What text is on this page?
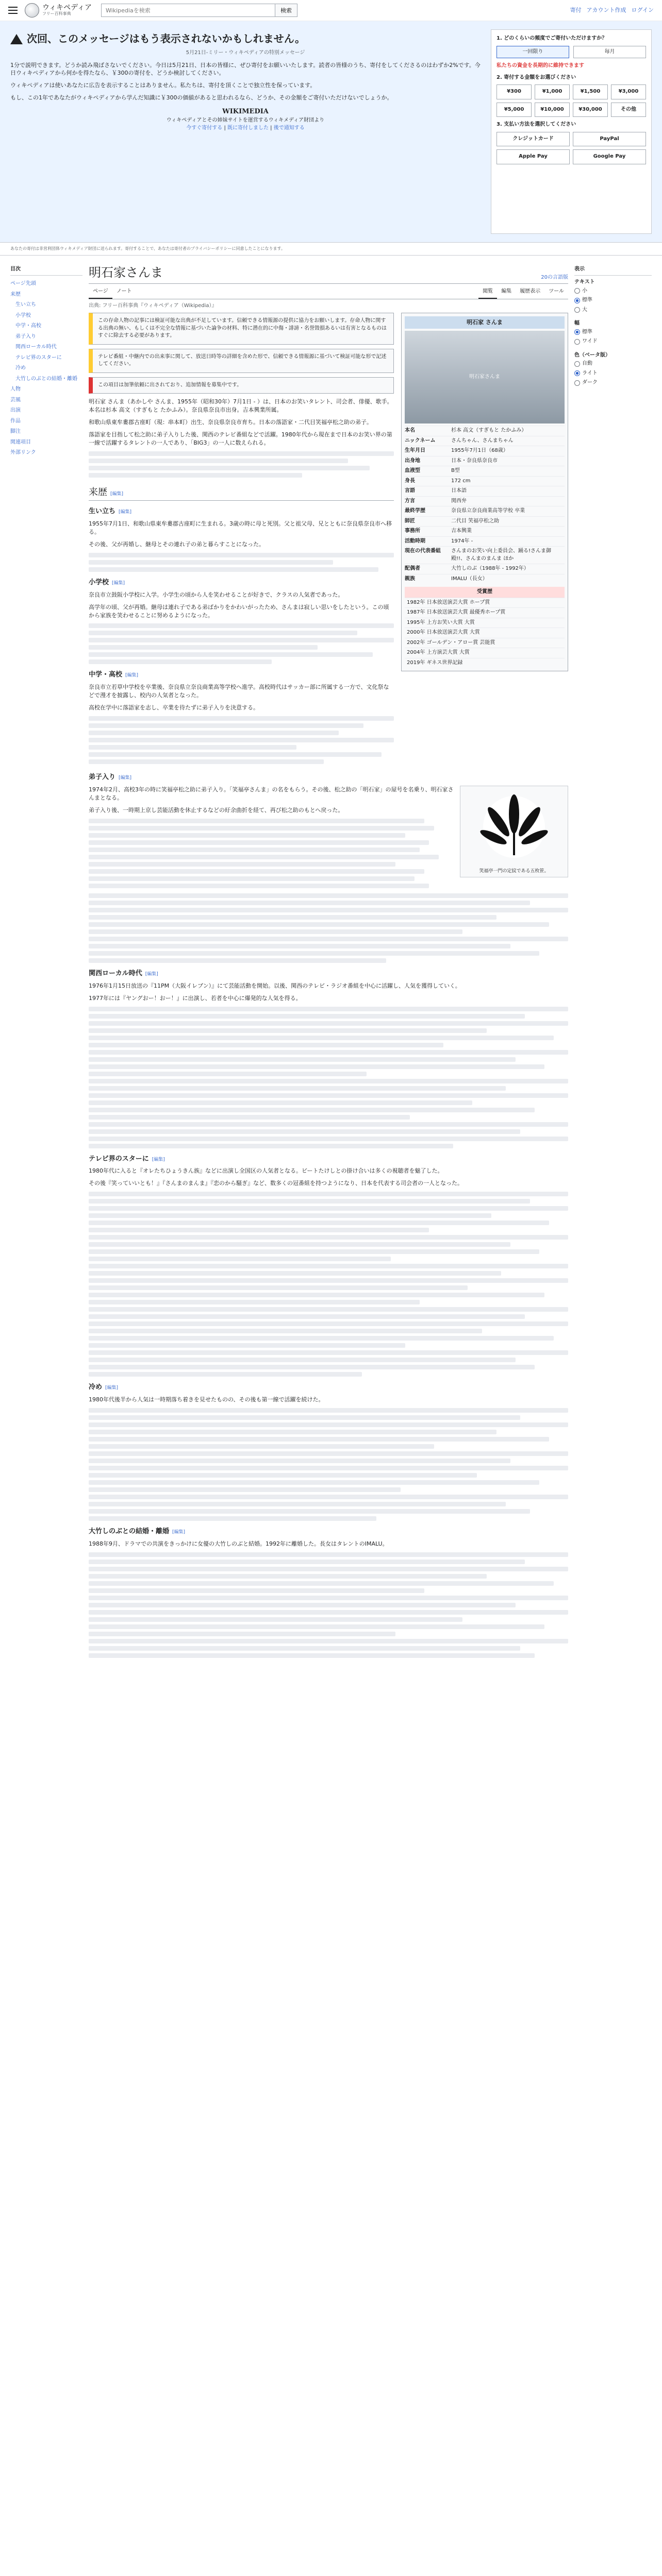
ウィキペディア
フリー百科事典
Wikipediaを検索	検索	寄付 アカウント作成 ログイン
次回、このメッセージはもう表示されないかもしれません。
5月21日-ミリー・ウィキペディアの特別メッセージ

1分で説明できます。どうか読み飛ばさないでください。今日は5月21日、日本の皆様に、ぜひ寄付をお願いいたします。読者の皆様のうち、寄付をしてくださるのはわずか2%です。今日ウィキペディアから何かを得たなら、￥300の寄付を、どうか検討してください。

ウィキペディアは使いあなたに広告を表示することはありません。私たちは、寄付を頂くことで独立性を保っています。

もし、この1年であなたがウィキペディアから学んだ知識に￥300の価値があると思われるなら、どうか、その金額をご寄付いただけないでしょうか。

WIKIMEDIA
ウィキペディアとその姉妹サイトを運営するウィキメディア財団より
今すぐ寄付する | 既に寄付しました | 後で通知する
1. どのくらいの頻度でご寄付いただけますか？
一回限り	毎月
私たちの資金を長期的に維持できます
2. 寄付する金額をお選びください
¥300	¥1,000	¥1,500	¥3,000
¥5,000	¥10,000	¥30,000	その他
3. 支払い方法を選択してください
クレジットカード	PayPal
Apple Pay	Google Pay
あなたの寄付は非営利団体ウィキメディア財団に送られます。寄付することで、あなたは寄付者のプライバシーポリシーに同意したことになります。
目次
ページ先頭
来歴
生い立ち
小学校
中学・高校
弟子入り
関西ローカル時代
テレビ界のスターに
冷め
大竹しのぶとの結婚・離婚
人物
芸風
出演
作品
脚注
関連項目
外部リンク
明石家さんま	20の言語版
ページ	ノート	閲覧	編集	履歴表示	ツール
出典: フリー百科事典『ウィキペディア（Wikipedia）』
この存命人物の記事には検証可能な出典が不足しています。信頼できる情報源の提供に協力をお願いします。存命人物に関する出典の無い、もしくは不完全な情報に基づいた論争の材料、特に潜在的に中傷・誹謗・名誉毀損あるいは有害となるものはすぐに除去する必要があります。
テレビ番組・中継内での出来事に関して、放送日時等の詳細を含めた形で、信頼できる情報源に基づいて検証可能な形で記述してください。
この項目は加筆依頼に出されており、追加情報を募集中です。

明石家 さんま（あかしや さんま、1955年（昭和30年）7月1日 - ）は、日本のお笑いタレント、司会者、俳優、歌手。本名は杉本 高文（すぎもと たかふみ）。奈良県奈良市出身。吉本興業所属。

和歌山県東牟婁郡古座町（現：串本町）出生、奈良県奈良市育ち。日本の落語家・二代目笑福亭松之助の弟子。

落語家を目指して松之助に弟子入りした後、関西のテレビ番組などで活躍。1980年代から現在まで日本のお笑い界の第一線で活躍するタレントの一人であり、「BIG3」の一人に数えられる。

来歴 [編集]
生い立ち [編集]

1955年7月1日、和歌山県東牟婁郡古座町に生まれる。3歳の時に母と死別。父と祖父母、兄とともに奈良県奈良市へ移る。

その後、父が再婚し、継母とその連れ子の弟と暮らすことになった。

小学校 [編集]

奈良市立鼓阪小学校に入学。小学生の頃から人を笑わせることが好きで、クラスの人気者であった。

高学年の頃、父が再婚。継母は連れ子である弟ばかりをかわいがったため、さんまは寂しい思いをしたという。この頃から家族を笑わせることに努めるようになった。

中学・高校 [編集]

奈良市立若草中学校を卒業後、奈良県立奈良商業高等学校へ進学。高校時代はサッカー部に所属する一方で、文化祭などで漫才を披露し、校内の人気者となった。

高校在学中に落語家を志し、卒業を待たずに弟子入りを決意する。

明石家 さんま
明石家さんま
本名	杉本 高文（すぎもと たかふみ）
ニックネーム	さんちゃん、さんまちゃん
生年月日	1955年7月1日（68歳）
出身地	日本・奈良県奈良市
血液型	B型
身長	172 cm
言語	日本語
方言	関西弁
最終学歴	奈良県立奈良商業高等学校 卒業
師匠	二代目 笑福亭松之助
事務所	吉本興業
活動時期	1974年 -
現在の代表番組	さんまのお笑い向上委員会、踊る!さんま御殿!!、さんまのまんま ほか
配偶者	大竹しのぶ（1988年 - 1992年）
親族	IMALU（長女）
受賞歴
1982年 日本放送演芸大賞 ホープ賞
1987年 日本放送演芸大賞 最優秀ホープ賞
1995年 上方お笑い大賞 大賞
2000年 日本放送演芸大賞 大賞
2002年 ゴールデン・アロー賞 芸能賞
2004年 上方演芸大賞 大賞
2019年 ギネス世界記録
弟子入り [編集]
笑福亭一門の定紋である五枚笹。

1974年2月、高校3年の時に笑福亭松之助に弟子入り。「笑福亭さんま」の名をもらう。その後、松之助の「明石家」の屋号を名乗り、明石家さんまとなる。

弟子入り後、一時期上京し芸能活動を休止するなどの紆余曲折を経て、再び松之助のもとへ戻った。

関西ローカル時代 [編集]

1976年1月15日放送の『11PM（大阪イレブン）』にて芸能活動を開始。以後、関西のテレビ・ラジオ番組を中心に活躍し、人気を獲得していく。

1977年には『ヤングおー！おー！』に出演し、若者を中心に爆発的な人気を得る。

テレビ界のスターに [編集]

1980年代に入ると『オレたちひょうきん族』などに出演し全国区の人気者となる。ビートたけしとの掛け合いは多くの視聴者を魅了した。

その後『笑っていいとも！』『さんまのまんま』『恋のから騒ぎ』など、数多くの冠番組を持つようになり、日本を代表する司会者の一人となった。

冷め [編集]

1980年代後半から人気は一時期落ち着きを見せたものの、その後も第一線で活躍を続けた。

大竹しのぶとの結婚・離婚 [編集]

1988年9月、ドラマでの共演をきっかけに女優の大竹しのぶと結婚。1992年に離婚した。長女はタレントのIMALU。

表示
テキスト
小
標準
大
幅
標準
ワイド
色（ベータ版）
自動
ライト
ダーク
